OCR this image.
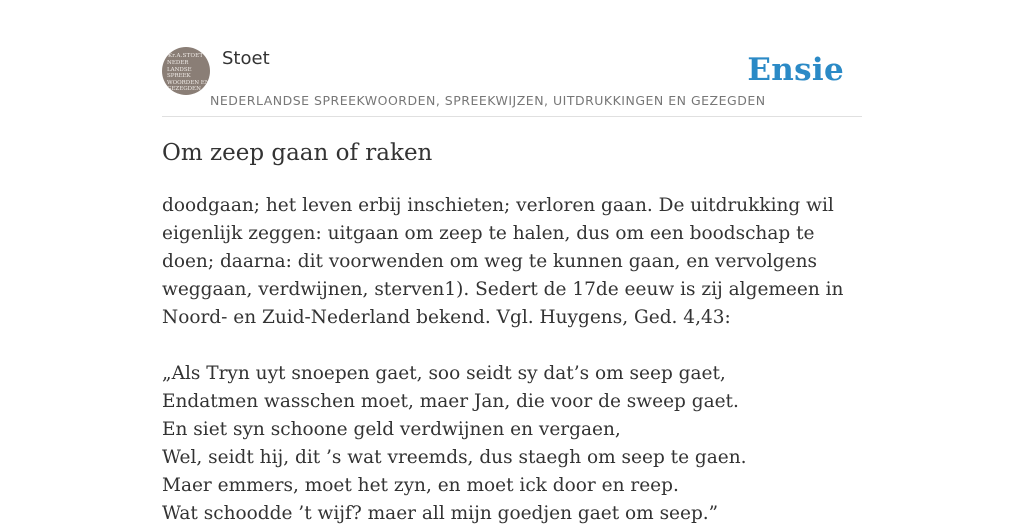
Kr.A.STOET
NEDER
LANDSE
SPREEK
WOORDEN EN
GEZEGDEN
Stoet
NEDERLANDSE SPREEKWOORDEN, SPREEKWIJZEN, UITDRUKKINGEN EN GEZEGDEN
Ensie
Om zeep gaan of raken

doodgaan; het leven erbij inschieten; verloren gaan. De uitdrukking wil eigenlijk zeggen: uitgaan om zeep te halen, dus om een boodschap te doen; daarna: dit voorwenden om weg te kunnen gaan, en vervolgens weggaan, verdwijnen, sterven1). Sedert de 17de eeuw is zij algemeen in Noord- en Zuid-Nederland bekend. Vgl. Huygens, Ged. 4,43:

„Als Tryn uyt snoepen gaet, soo seidt sy dat’s om seep gaet,
Endatmen wasschen moet, maer Jan, die voor de sweep gaet.
En siet syn schoone geld verdwijnen en vergaen,
Wel, seidt hij, dit ’s wat vreemds, dus staegh om seep te gaen.
Maer emmers, moet het zyn, en moet ick door en reep.
Wat schoodde ’t wijf? maer all mijn goedjen gaet om seep.”
